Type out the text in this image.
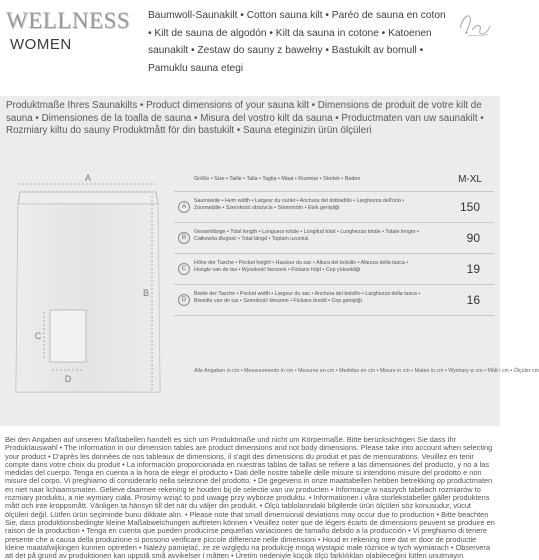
WELLNESS
WOMEN
Baumwoll-Saunakilt • Cotton sauna kilt • Paréo de sauna en coton • Kilt de sauna de algodón • Kilt da sauna in cotone • Katoenen saunakilt • Zestaw do sauny z bawełny • Bastukilt av bomull • Pamuklu sauna etegi
Produktmaße Ihres Saunakilts • Product dimensions of your sauna kilt • Dimensions de produit de votre kilt de sauna • Dimensiones de la toalla de sauna • Misura del vostro kilt da sauna • Productmaten van uw saunakilt • Rozmiary kiltu do sauny Produktmått för din bastukilt • Sauna eteginizin ürün ölçüleri
A
B
C
D
Größe • Size • Taille • Talla • Taglia • Maat • Rozmiar • Storlek • Beden	M-XL
A
Saumweite • Hem width • Largeur du ourlet • Anchura del dobladillo • Larghezza dell'orlo • Zoomwijdte • Szerokość obszycia • Sömmnötn • Etek genişliği	150
B
Gesamtlänge • Total length • Longueur totale • Longitud total • Lunghezza totale • Totale lengte • Całkowita długość • Total längd • Toplam uzunluk	90
C
Höhe der Tasche • Pocket height • Hauteur du sac • Altura del bolsillo • Altezza della tasca • Hoogte van de tas • Wysokość kieszeni • Fickans höjd • Cep yüksekliği	19
D
Breite der Tasche • Pocket width • Largeur du sac • Anchura del bolsillo • Larghezza della tasca • Breedte van de tas • Szerokość kieszeni • Fickans bredd • Cep genişliği	16
Alle Angaben in cm • Measurements in cm • Mesures en cm • Medidas en cm • Misure in cm • Maten in cm • Wymiary w cm • Mått i cm • Ölçüler cm
Bei den Angaben auf unseren Maßtabellen handelt es sich um Produktmaße und nicht um Körpermaße. Bitte berücksichtigen Sie dass Ihr Produktauswahl • The information in our dimension tables are product dimensions and not body dimensions. Please take into account when selecting your product • D'après les données de nos tableaux de dimensions, il s'agit des dimensions du produit et pas de mensurations. Veuillez en tenir compte dans votre choix du produit • La información proporcionada en nuestras tablas de tallas se refiere a las dimensiones del producto, y no a las medidas del cuerpo. Tenga en cuenta a la hora de elegir el producto • Dati delle nostre tabelle delle misure si intendono misure del prodotto e non misure del corpo. Vi preghiamo di considerarlo nella selezione del prodotto. • De gegevens in onze maattabellen hebben betrekking op productmaten en niet naar lichaamsmaten. Gelieve daarmee rekening te houden bij de selectie van uw producten • Informacje w naszych tabelach rozmiarów to rozmiary produktu, a nie wymiary ciała. Prosimy wziąć to pod uwagę przy wyborze produktu. • Informationen i våra storlekstabeller gäller produktens mått och inte kroppsmått. Vänligen ta hänsyn till det när du väljer din produkt. • Ölçü tablolarındaki bilgilerde ürün ölçüleri söz konusudur, vücut ölçüleri değil. Lütfen ürün seçiminde bunu dikkate alın. • Please note that small dimensional deviations may occur due to production • Bitte beachten Sie, dass produktionsbedingte kleine Maßabweichungen auftreten können • Veuillez noter que de légers écarts de dimensions peuvent se produire en raison de la production • Tenga en cuenta que pueden producirse pequeñas variaciones de tamaño debido a la producción • Vi preghiamo di tenere presente che a causa della produzione si possono verificare piccole differenze nelle dimensioni • Houd er rekening mee dat er door de productie kleine maatafwijkingen kunnen optreden • Należy pamiętać, że ze względu na produkcję mogą wystąpić małe różnice w tych wymiarach • Observera att det på grund av produktionen kan uppstå små avvikelser i måtten • Üretim nedeniyle küçük ölçü farklılıkları olabileceğini lütfen unutmayın
